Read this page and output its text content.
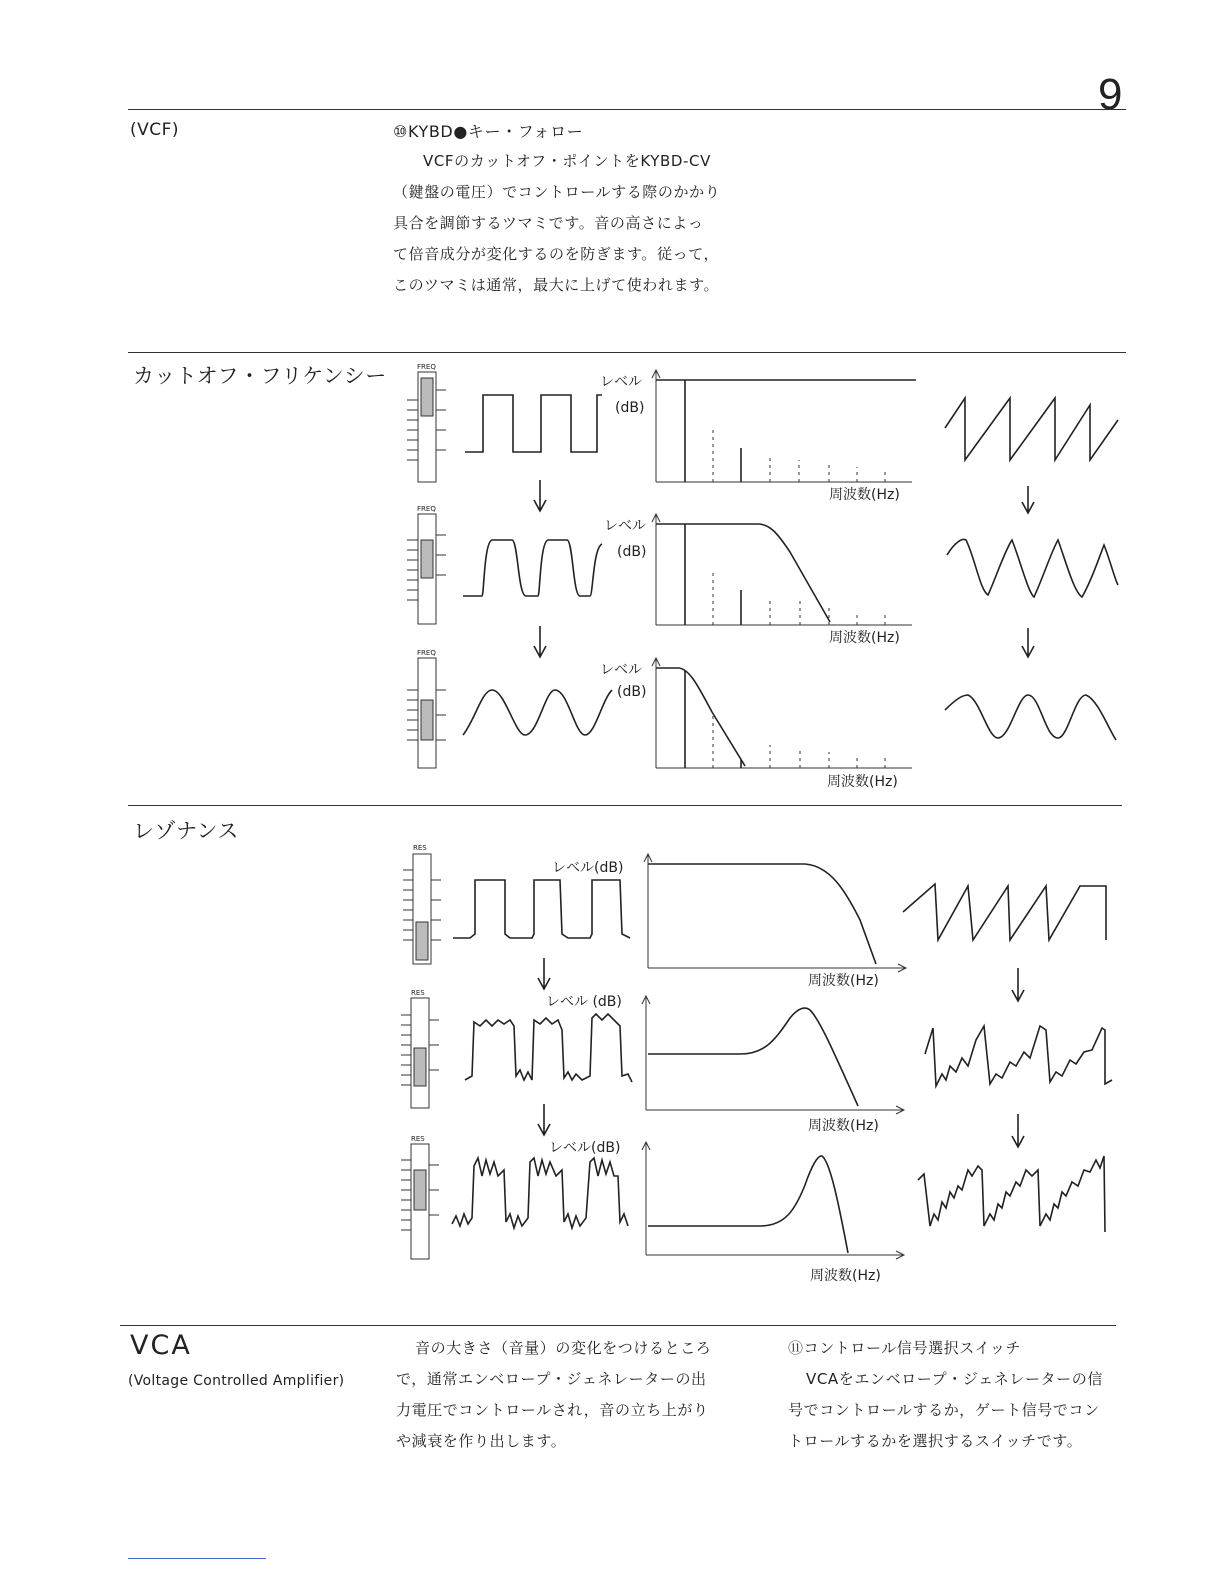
9
(VCF)	⑩KYBD●キー・フォロー
VCFのカットオフ・ポイントをKYBD-CV
（鍵盤の電圧）でコントロールする際のかかり
具合を調節するツマミです。音の高さによっ
て倍音成分が変化するのを防ぎます。従って，
このツマミは通常，最大に上げて使われます。
カットオフ・フリケンシー
レゾナンス
VCA
(Voltage Controlled Amplifier)
音の大きさ（音量）の変化をつけるところ
で，通常エンベロープ・ジェネレーターの出
力電圧でコントロールされ，音の立ち上がり
や減衰を作り出します。
⑪コントロール信号選択スイッチ
VCAをエンベロープ・ジェネレーターの信
号でコントロールするか，ゲート信号でコン
トロールするかを選択するスイッチです。
FREQ
レベル
(dB)
周波数(Hz)
FREQ
レベル
(dB)
周波数(Hz)
FREQ
レベル
(dB)
周波数(Hz)
RES
レベル(dB)
周波数(Hz)
RES
レベル (dB)
周波数(Hz)
RES
レベル(dB)
周波数(Hz)
